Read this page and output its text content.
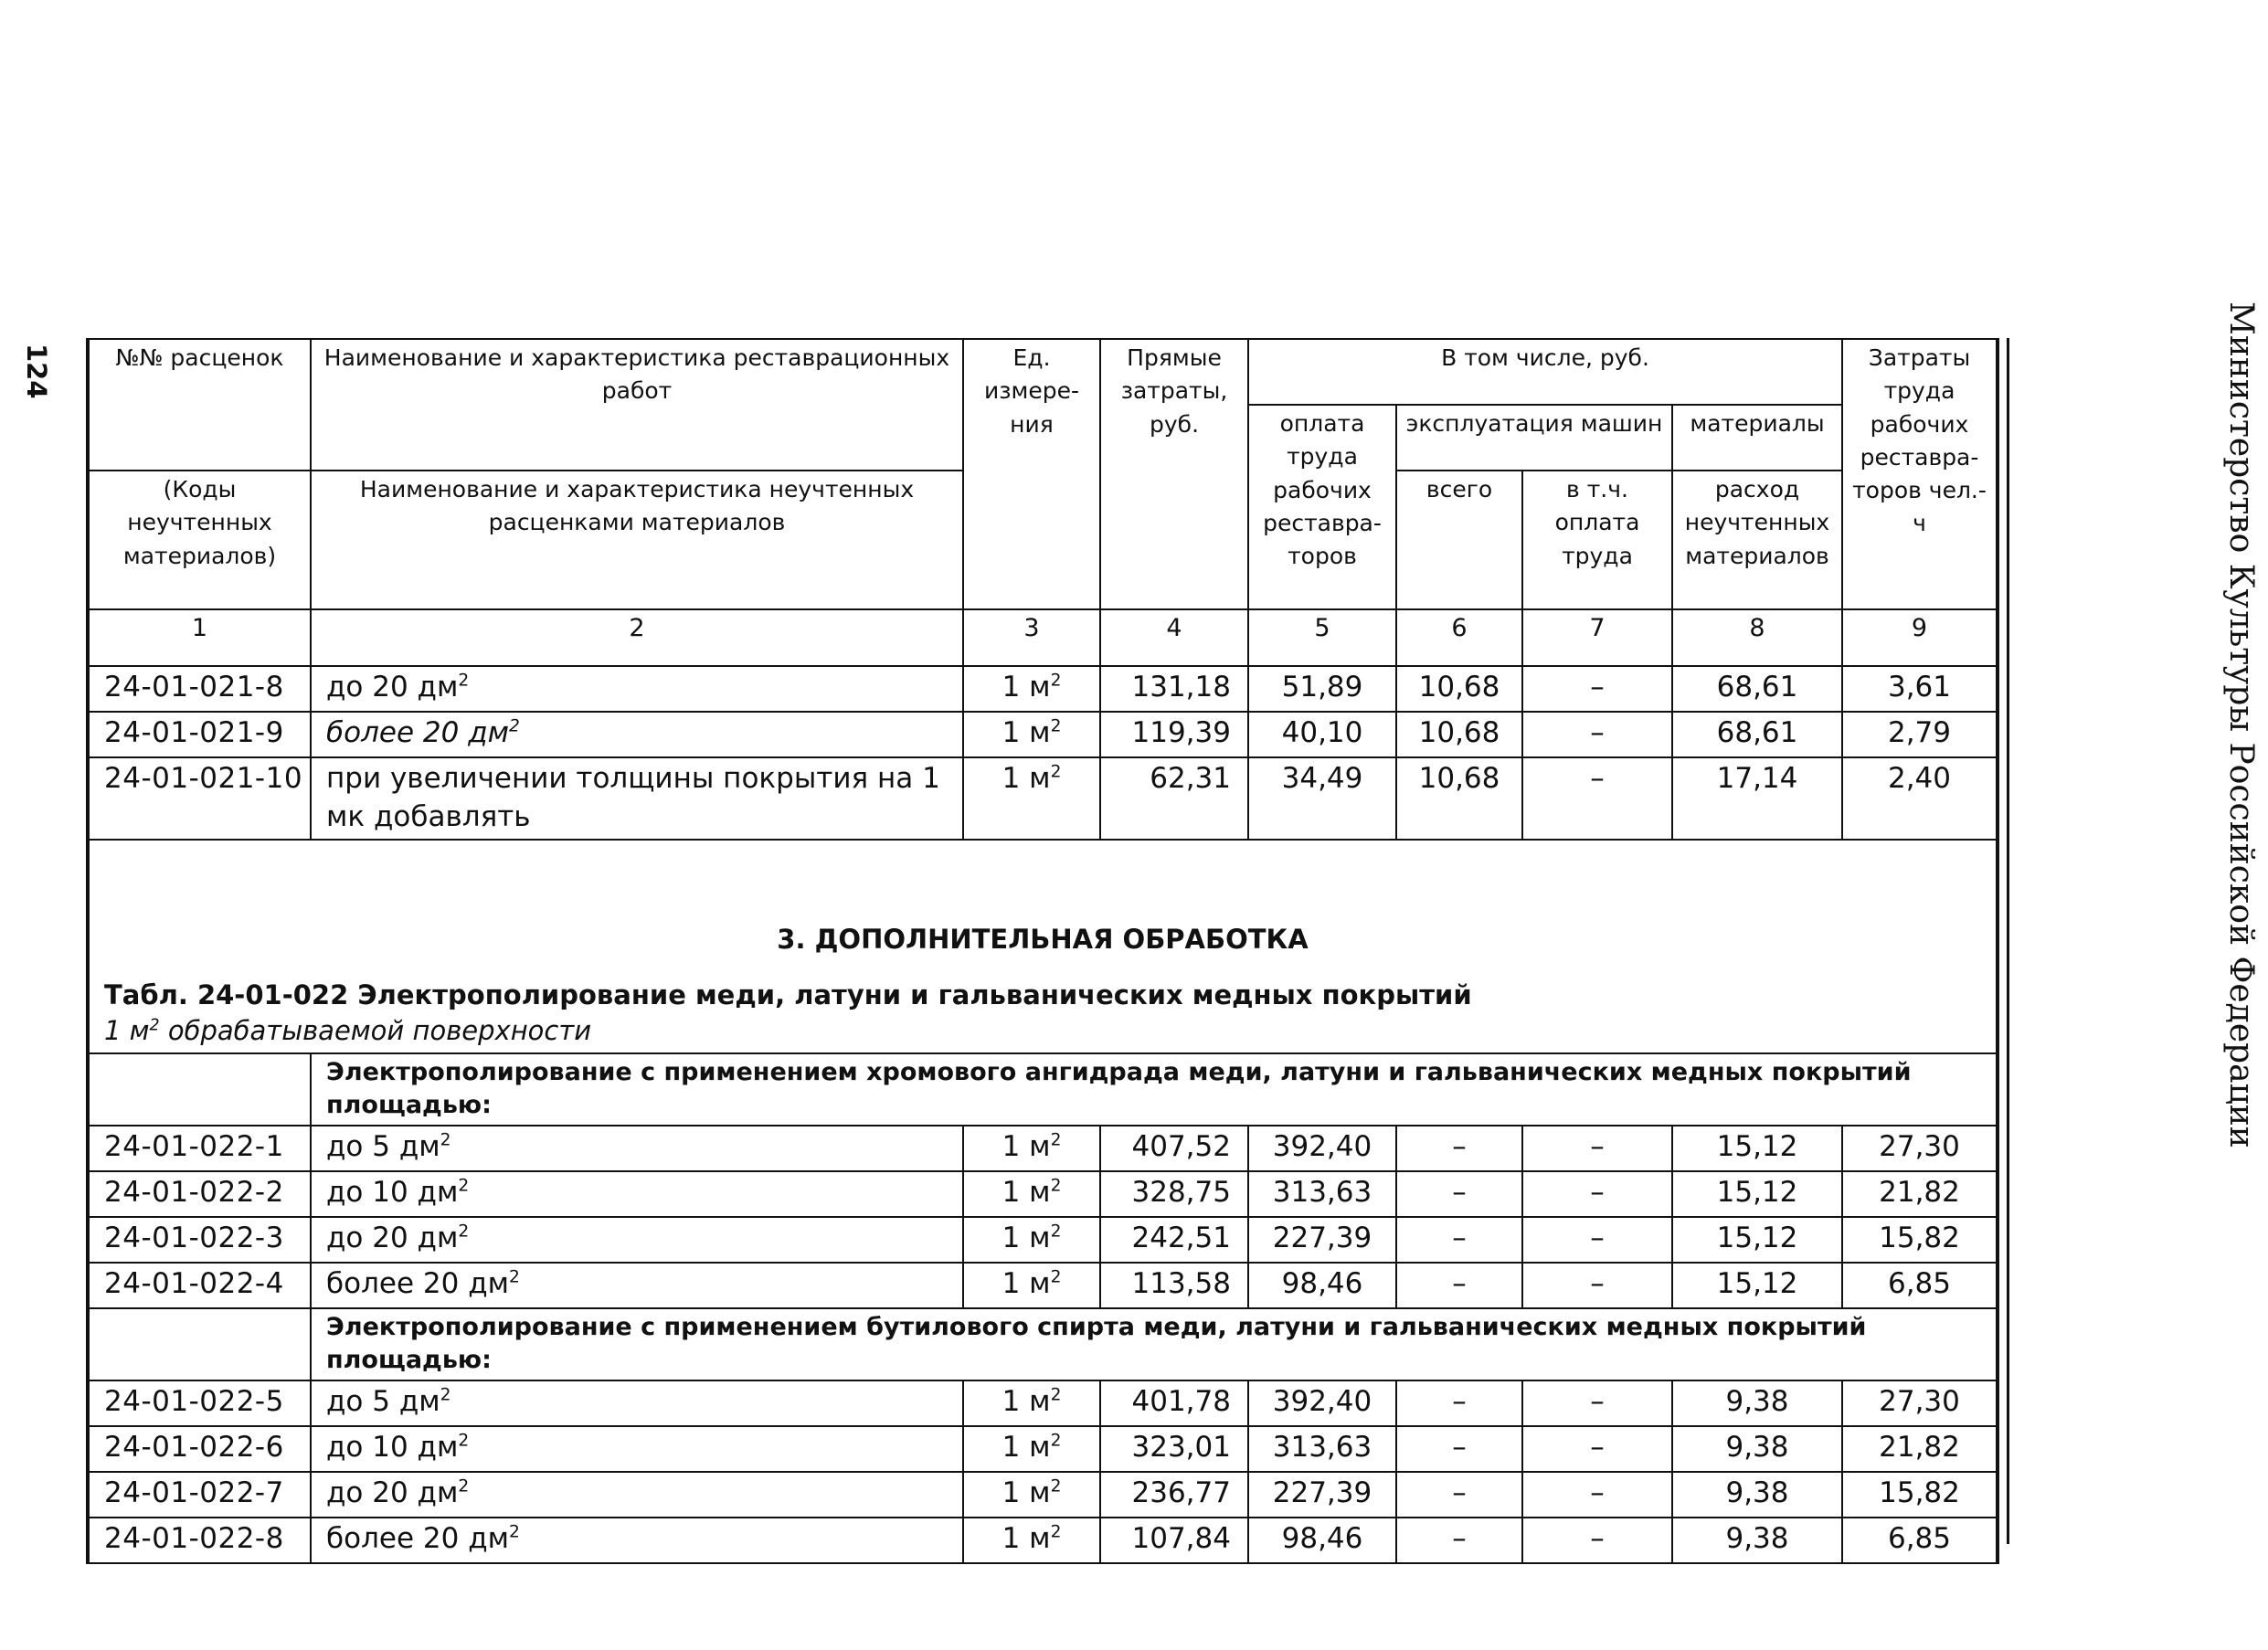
124	Министерство Культуры Российской Федерации
№№ расценок	Наименование и характеристика реставрационных работ	Ед. измере-ния	Прямые затраты, руб.	В том числе, руб.				Затраты труда рабочих реставра-торов чел.-ч
				оплата труда рабочих реставра-торов	эксплуатация машин		материалы	
(Коды неучтенных материалов)	Наименование и характеристика неучтенных расценками материалов				всего	в т.ч. оплата труда	расход неучтенных материалов	

1	2	3	4	5	6	7	8	9
24-01-021-8	до 20 $дм^2$	1 $м^2$	131,18	51,89	10,68	–	68,61	3,61
24-01-021-9	более 20 $дм^2$	1 $м^2$	119,39	40,10	10,68	–	68,61	2,79
24-01-021-10	при увеличении толщины покрытия на 1 мк добавлять	1 $м^2$	62,31	34,49	10,68	–	17,14	2,40

3. ДОПОЛНИТЕЛЬНАЯ ОБРАБОТКА
Табл. 24-01-022 Электрополирование меди, латуни и гальванических медных покрытий
1 $м^2$ обрабатываемой поверхности								

	Электрополирование с применением хромового ангидрада меди, латуни и гальванических медных покрытий площадью:							
24-01-022-1	до 5 $дм^2$	1 $м^2$	407,52	392,40	–	–	15,12	27,30
24-01-022-2	до 10 $дм^2$	1 $м^2$	328,75	313,63	–	–	15,12	21,82
24-01-022-3	до 20 $дм^2$	1 $м^2$	242,51	227,39	–	–	15,12	15,82
24-01-022-4	более 20 $дм^2$	1 $м^2$	113,58	98,46	–	–	15,12	6,85
	Электрополирование с применением бутилового спирта меди, латуни и гальванических медных покрытий площадью:							
24-01-022-5	до 5 $дм^2$	1 $м^2$	401,78	392,40	–	–	9,38	27,30
24-01-022-6	до 10 $дм^2$	1 $м^2$	323,01	313,63	–	–	9,38	21,82
24-01-022-7	до 20 $дм^2$	1 $м^2$	236,77	227,39	–	–	9,38	15,82
24-01-022-8	более 20 $дм^2$	1 $м^2$	107,84	98,46	–	–	9,38	6,85
